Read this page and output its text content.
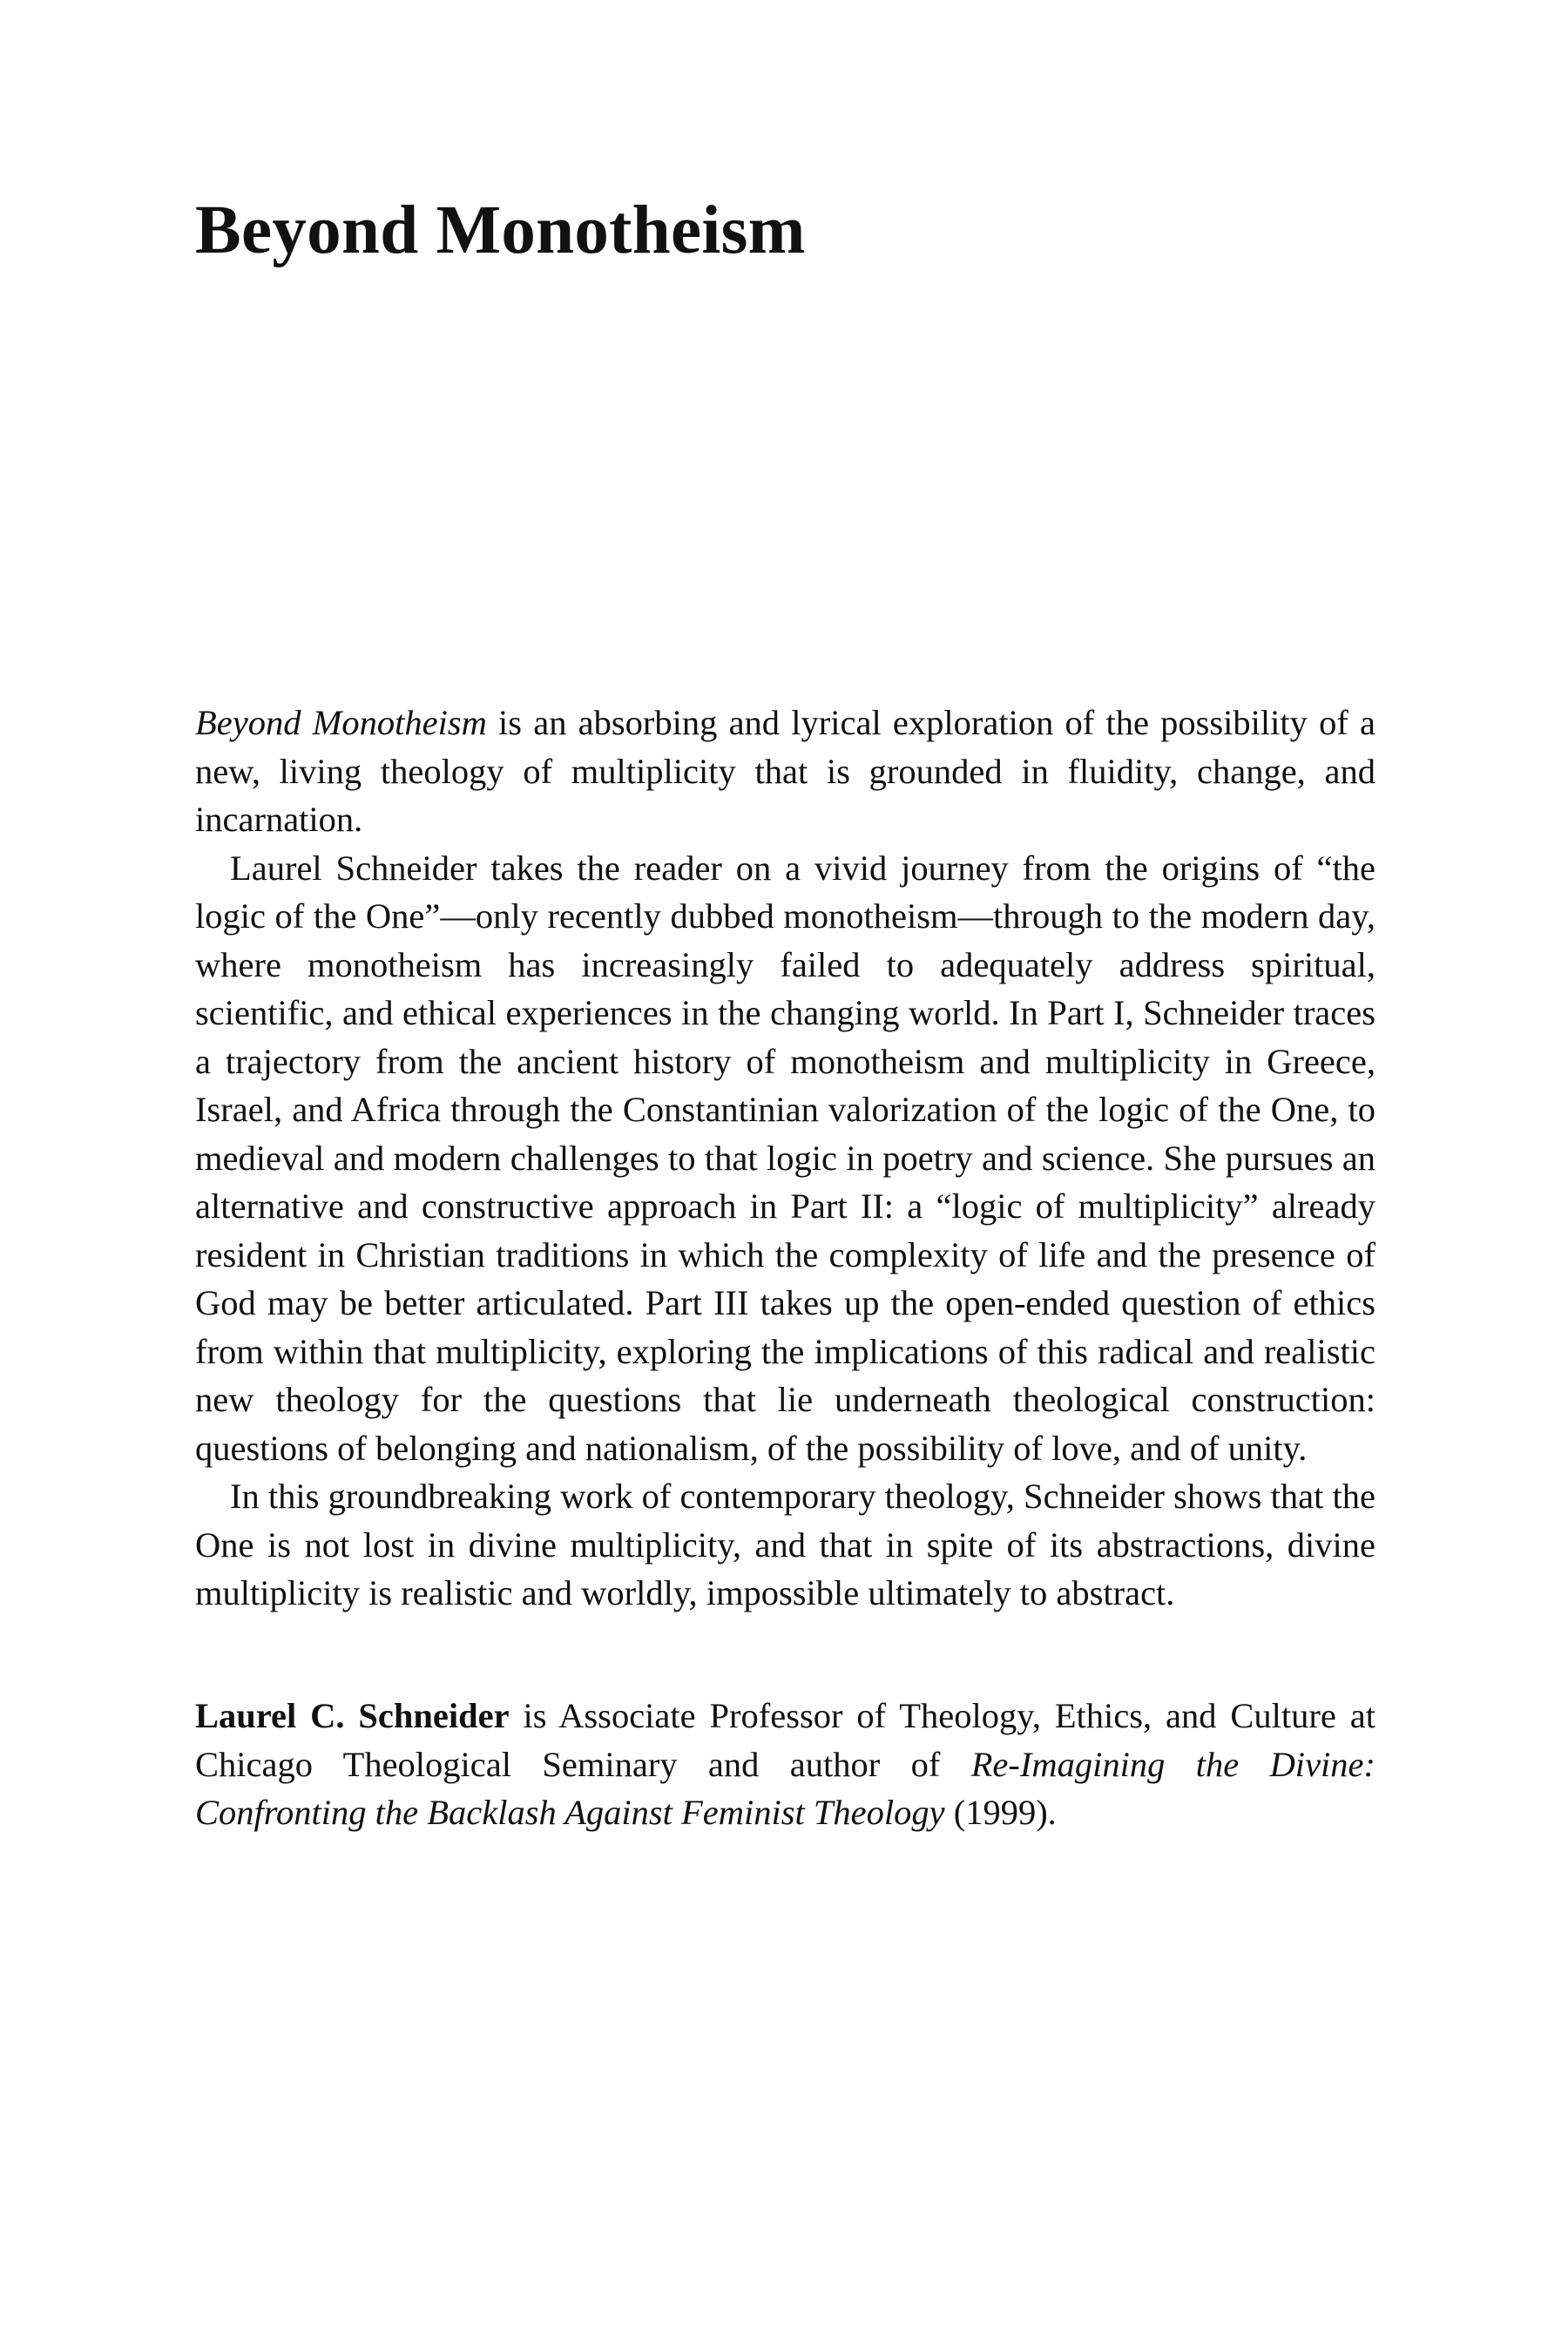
Beyond Monotheism

Beyond Monotheism is an absorbing and lyrical exploration of the possibility of a new, living theology of multiplicity that is grounded in fluidity, change, and incarnation.

Laurel Schneider takes the reader on a vivid journey from the origins of “the logic of the One”—only recently dubbed monotheism—through to the modern day, where monotheism has increasingly failed to adequately address spiritual, scientific, and ethical experiences in the changing world. In Part I, Schneider traces a trajectory from the ancient history of monotheism and multiplicity in Greece, Israel, and Africa through the Constantinian valorization of the logic of the One, to medieval and modern challenges to that logic in poetry and science. She pursues an alternative and constructive approach in Part II: a “logic of multiplicity” already resident in Christian traditions in which the complexity of life and the presence of God may be better articulated. Part III takes up the open-ended question of ethics from within that multiplicity, exploring the implications of this radical and realistic new theology for the questions that lie underneath theological construction: questions of belonging and nationalism, of the possibility of love, and of unity.

In this groundbreaking work of contemporary theology, Schneider shows that the One is not lost in divine multiplicity, and that in spite of its abstractions, divine multiplicity is realistic and worldly, impossible ultimately to abstract.

Laurel C. Schneider is Associate Professor of Theology, Ethics, and Culture at Chicago Theological Seminary and author of Re-Imagining the Divine: Confronting the Backlash Against Feminist Theology (1999).
